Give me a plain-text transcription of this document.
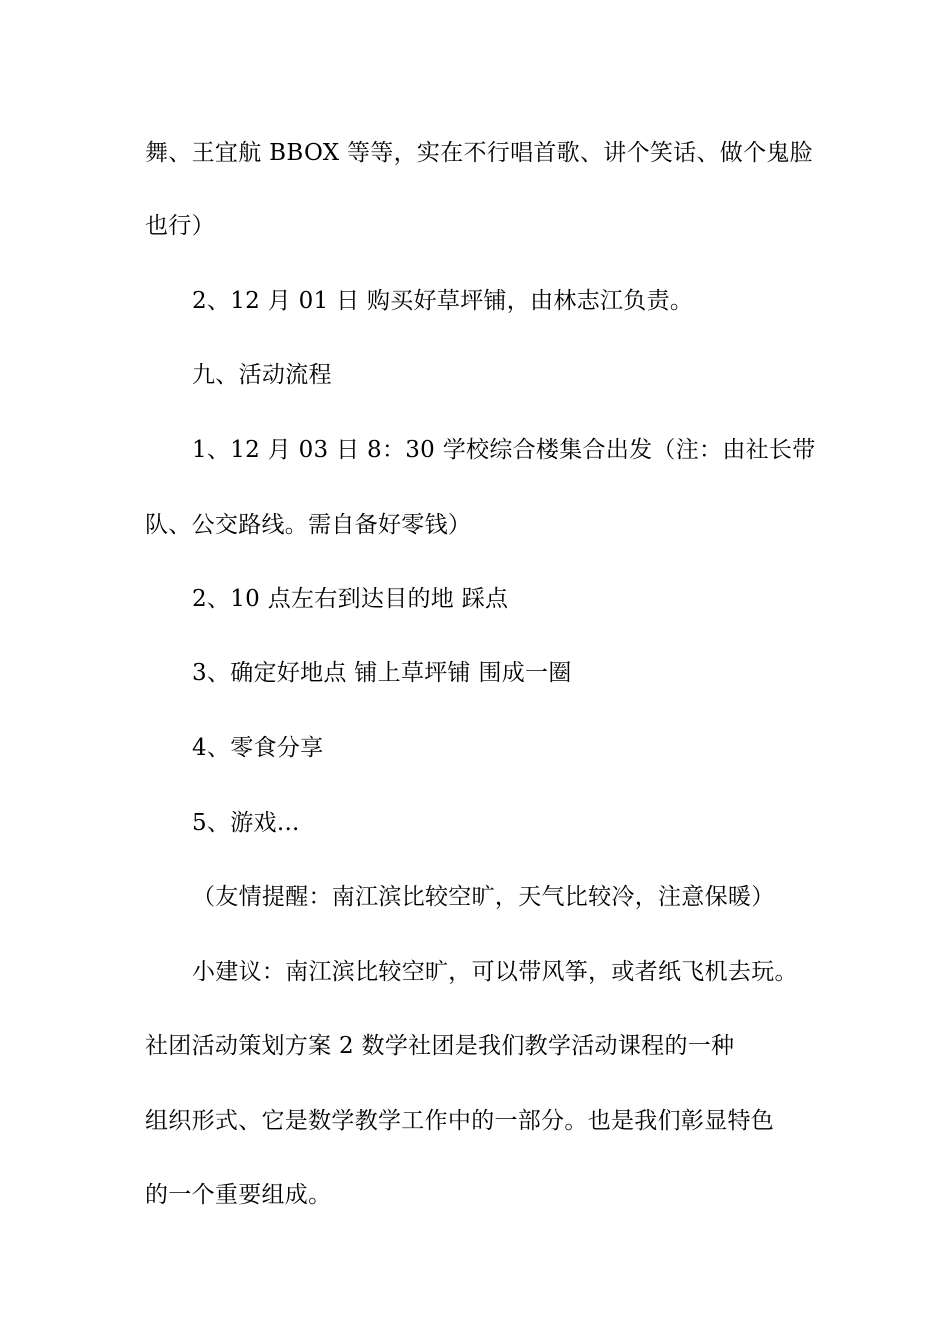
舞、王宜航 BBOX 等等，实在不行唱首歌、讲个笑话、做个鬼脸
也行）
2、12 月 01 日 购买好草坪铺，由林志江负责。
九、活动流程
1、12 月 03 日 8：30 学校综合楼集合出发（注：由社长带
队、公交路线。需自备好零钱）
2、10 点左右到达目的地 踩点
3、确定好地点 铺上草坪铺 围成一圈
4、零食分享
5、游戏...
（友情提醒：南江滨比较空旷，天气比较冷，注意保暖）
小建议：南江滨比较空旷，可以带风筝，或者纸飞机去玩。
社团活动策划方案 2 数学社团是我们教学活动课程的一种
组织形式、它是数学教学工作中的一部分。也是我们彰显特色
的一个重要组成。
